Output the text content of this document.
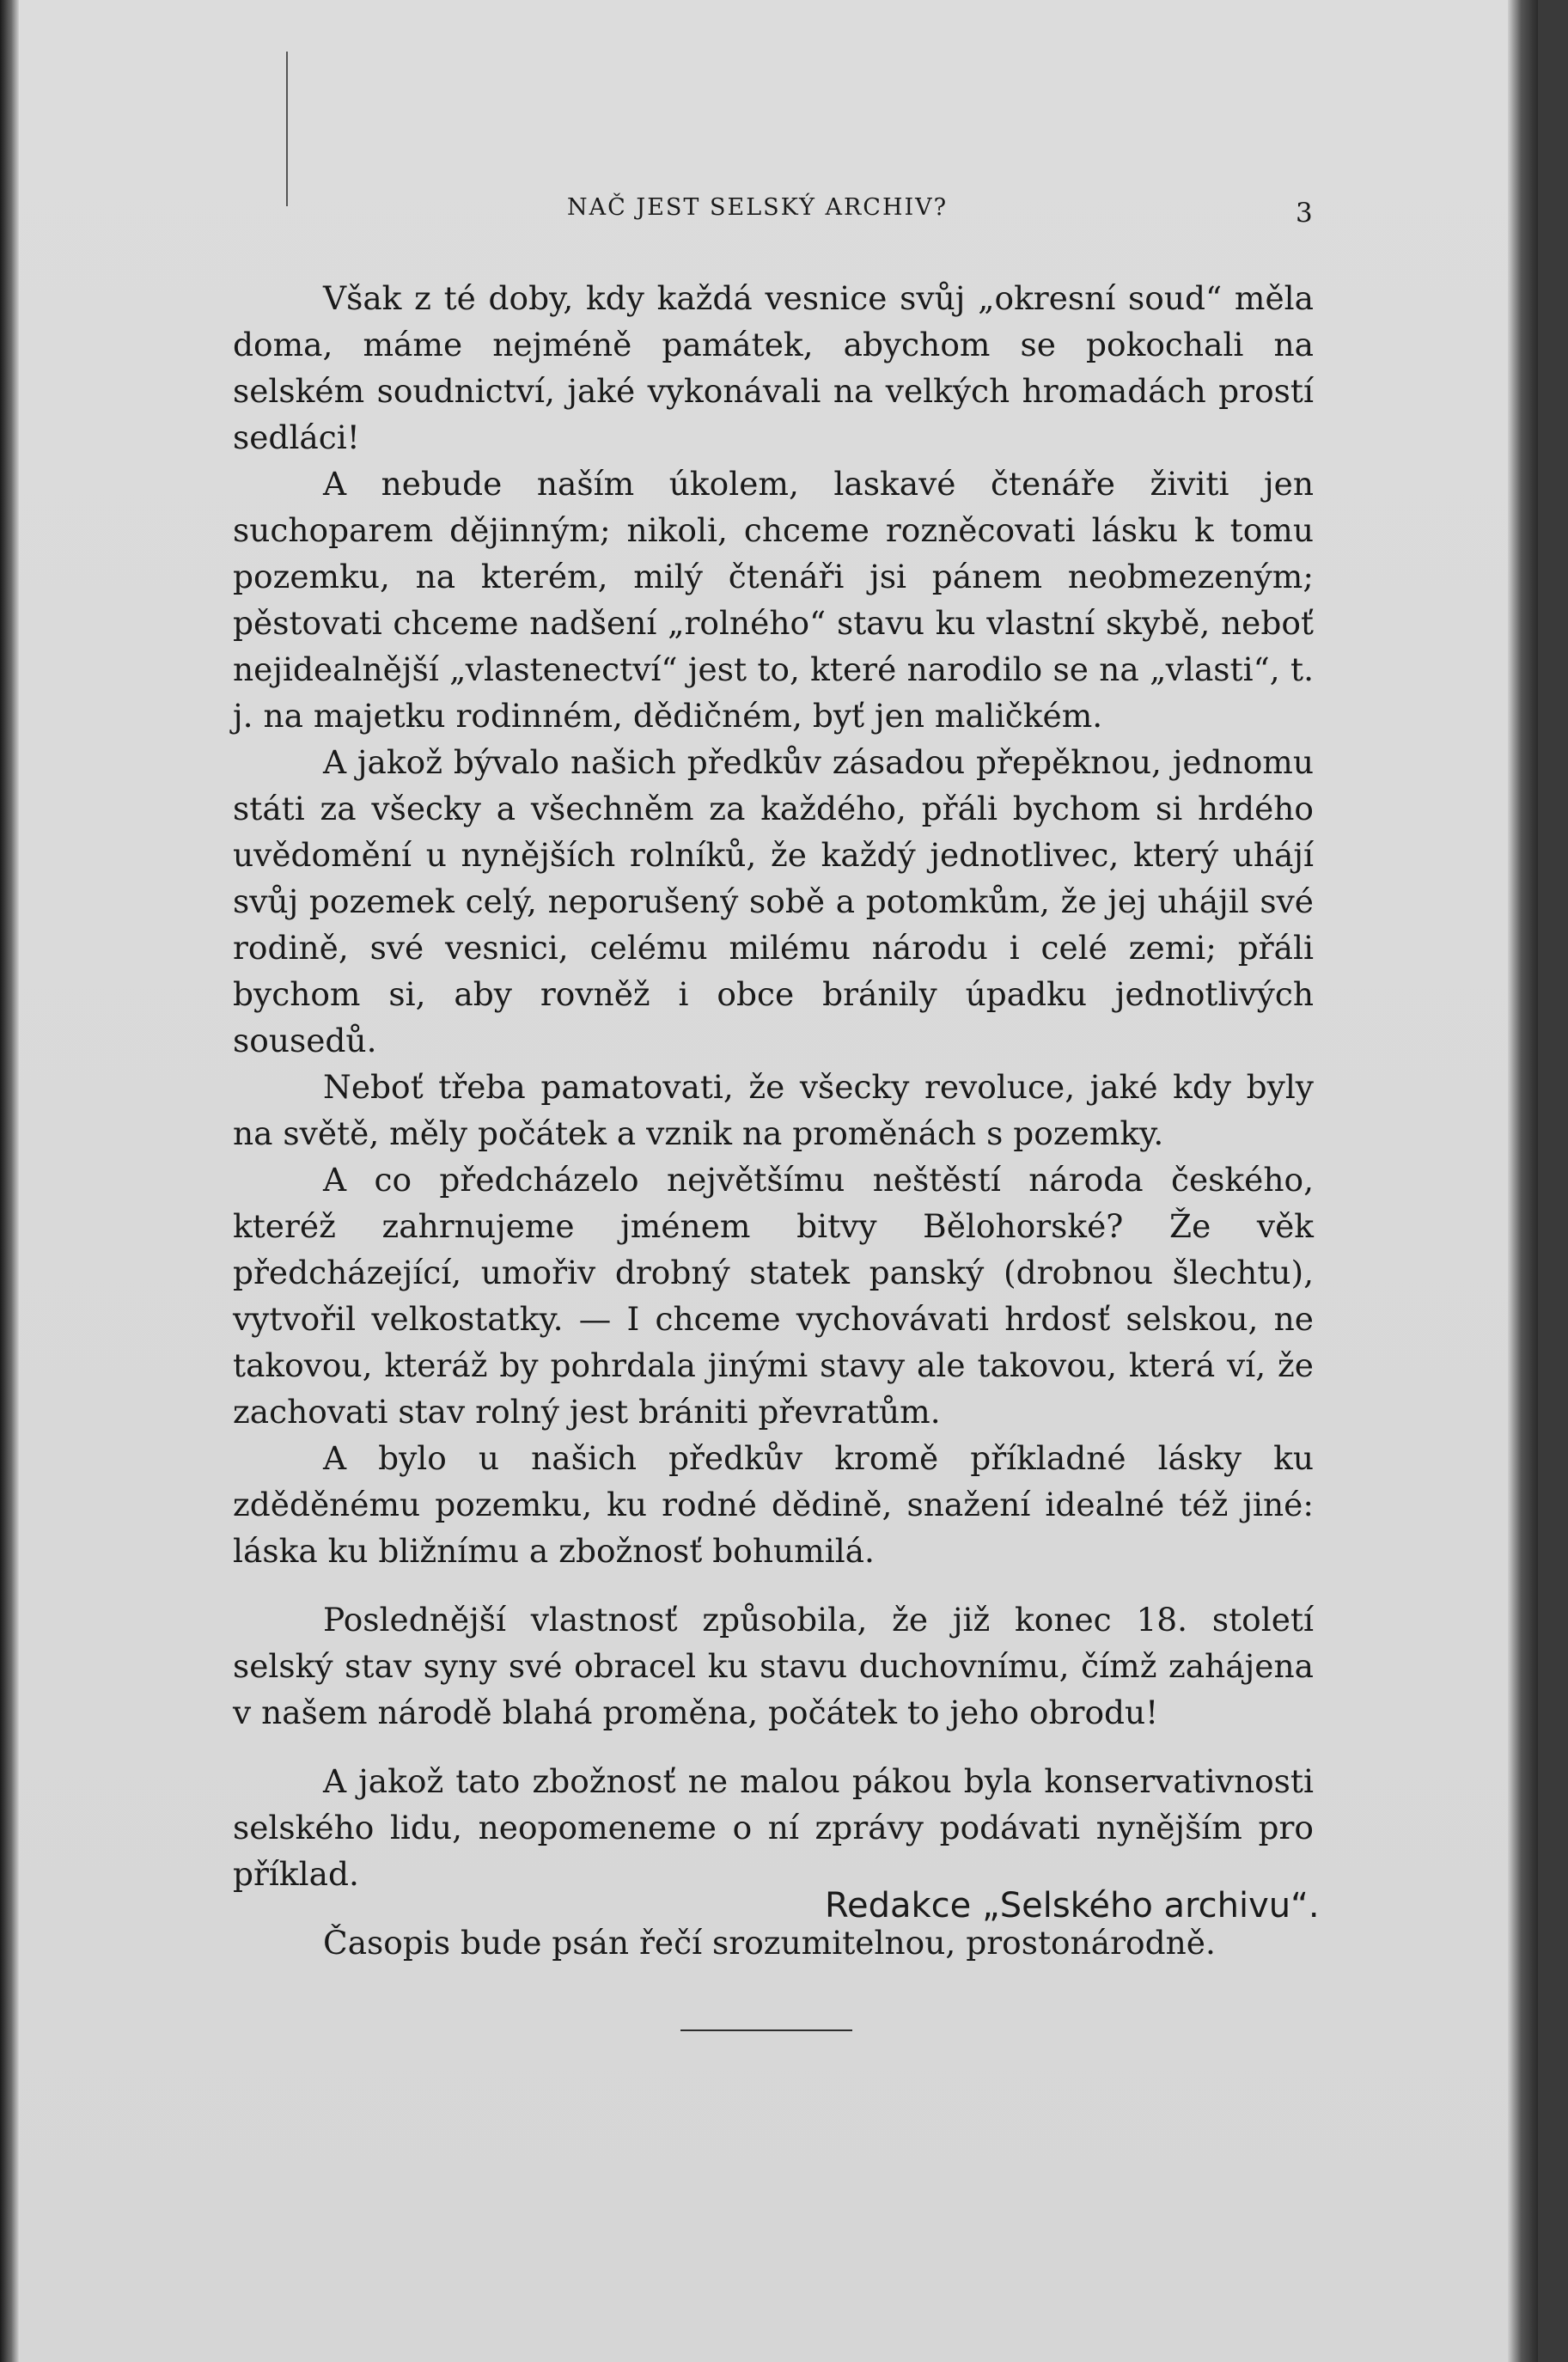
NAČ JEST SELSKÝ ARCHIV?	3

Však z té doby, kdy každá vesnice svůj „okresní soud“ měla doma, máme nejméně památek, abychom se pokochali na selském soudnictví, jaké vykonávali na velkých hromadách prostí sedláci!

A nebude naším úkolem, laskavé čtenáře živiti jen suchoparem dějinným; nikoli, chceme rozněcovati lásku k tomu pozemku, na kterém, milý čtenáři jsi pánem neobmezeným; pěstovati chceme nadšení „rolného“ stavu ku vlastní skybě, neboť nejidealnější „vlastenectví“ jest to, které narodilo se na „vlasti“, t. j. na majetku rodinném, dědičném, byť jen maličkém.

A jakož bývalo našich předkův zásadou přepěknou, jednomu státi za všecky a všechněm za každého, přáli bychom si hrdého uvědomění u nynějších rolníků, že každý jednotlivec, který uhájí svůj pozemek celý, neporušený sobě a potomkům, že jej uhájil své rodině, své vesnici, celému milému národu i celé zemi; přáli bychom si, aby rovněž i obce bránily úpadku jednotlivých sousedů.

Neboť třeba pamatovati, že všecky revoluce, jaké kdy byly na světě, měly počátek a vznik na proměnách s pozemky.

A co předcházelo největšímu neštěstí národa českého, kteréž zahrnujeme jménem bitvy Bělohorské? Že věk předcházející, umořiv drobný statek panský (drobnou šlechtu), vytvořil velkostatky. — I chceme vychovávati hrdosť selskou, ne takovou, kteráž by pohrdala jinými stavy ale takovou, která ví, že zachovati stav rolný jest brániti převratům.

A bylo u našich předkův kromě příkladné lásky ku zděděnému pozemku, ku rodné dědině, snažení idealné též jiné: láska ku bližnímu a zbožnosť bohumilá.

Poslednější vlastnosť způsobila, že již konec 18. století selský stav syny své obracel ku stavu duchovnímu, čímž zahájena v našem národě blahá proměna, počátek to jeho obrodu!

A jakož tato zbožnosť ne malou pákou byla konservativnosti selského lidu, neopomeneme o ní zprávy podávati nynějším pro příklad.

Časopis bude psán řečí srozumitelnou, prostonárodně.

Redakce „Selského archivu“.
